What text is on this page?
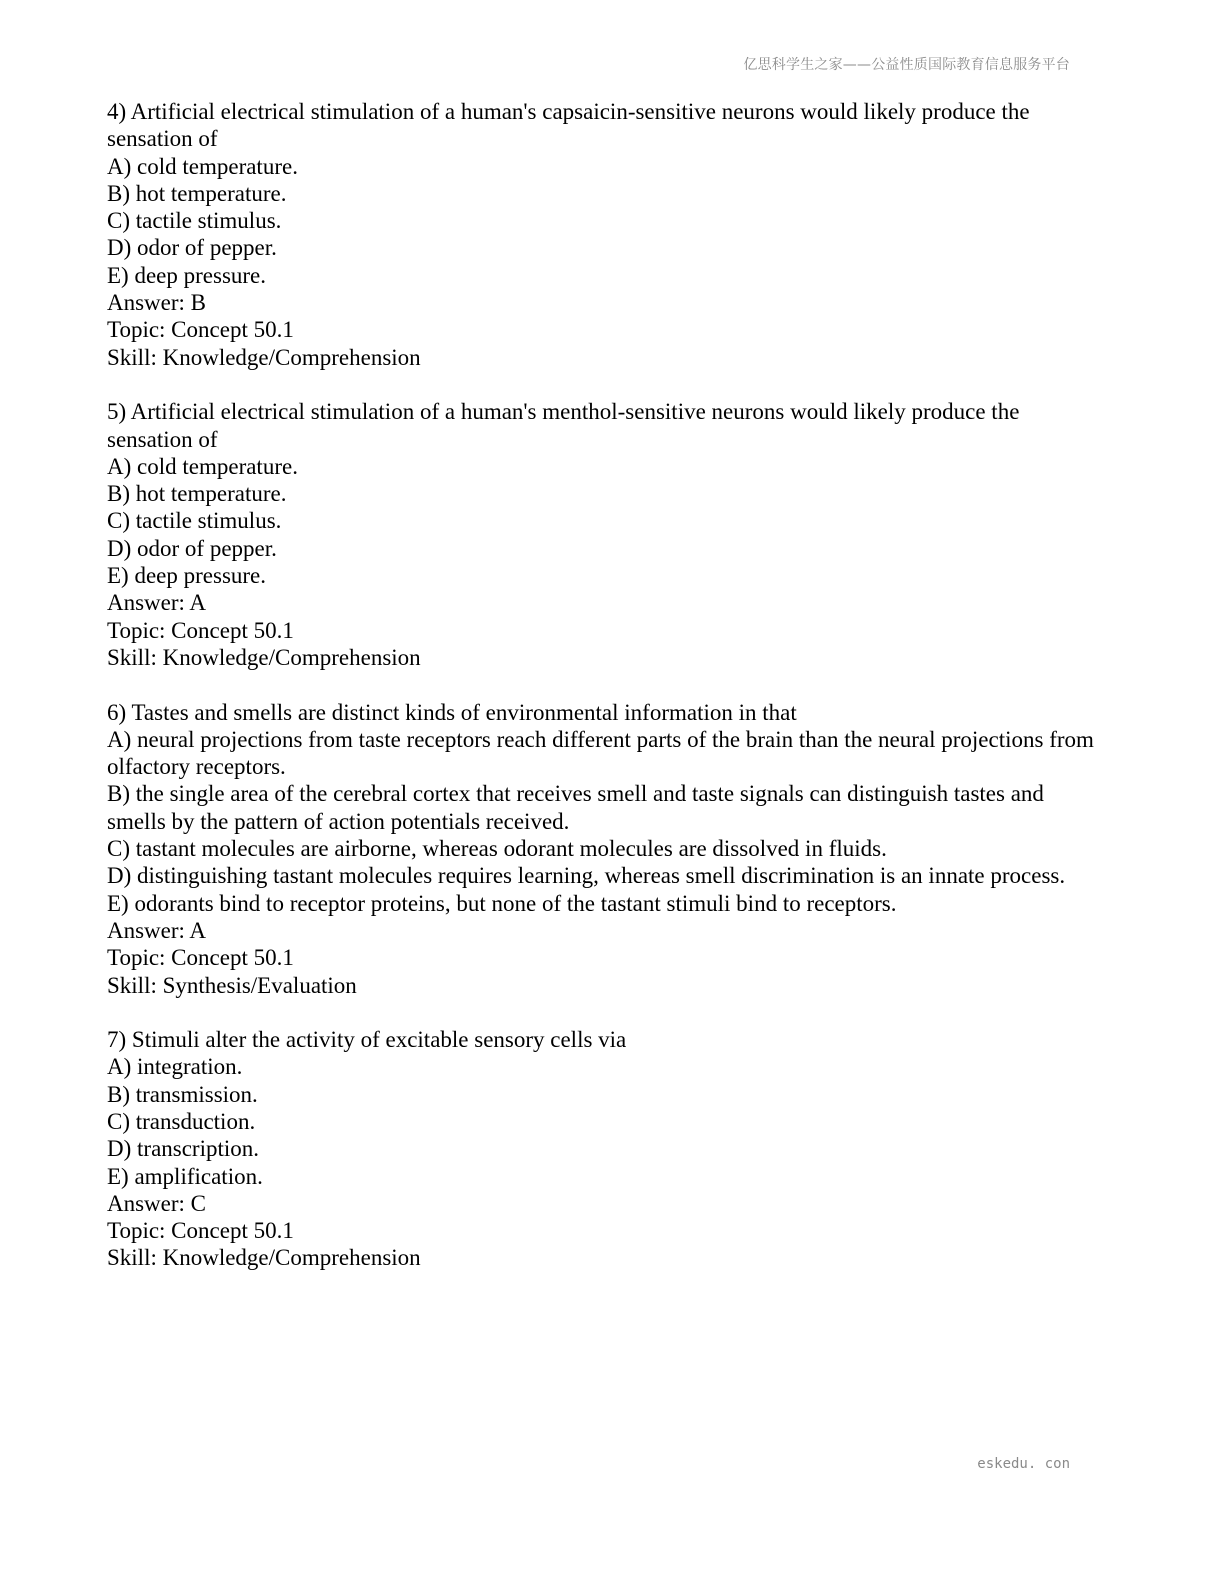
亿思科学生之家——公益性质国际教育信息服务平台
4) Artificial electrical stimulation of a human's capsaicin-sensitive neurons would likely produce the sensation of
A) cold temperature.
B) hot temperature.
C) tactile stimulus.
D) odor of pepper.
E) deep pressure.
Answer: B
Topic: Concept 50.1
Skill: Knowledge/Comprehension
5) Artificial electrical stimulation of a human's menthol-sensitive neurons would likely produce the sensation of
A) cold temperature.
B) hot temperature.
C) tactile stimulus.
D) odor of pepper.
E) deep pressure.
Answer: A
Topic: Concept 50.1
Skill: Knowledge/Comprehension
6) Tastes and smells are distinct kinds of environmental information in that
A) neural projections from taste receptors reach different parts of the brain than the neural projections from olfactory receptors.
B) the single area of the cerebral cortex that receives smell and taste signals can distinguish tastes and smells by the pattern of action potentials received.
C) tastant molecules are airborne, whereas odorant molecules are dissolved in fluids.
D) distinguishing tastant molecules requires learning, whereas smell discrimination is an innate process.
E) odorants bind to receptor proteins, but none of the tastant stimuli bind to receptors.
Answer: A
Topic: Concept 50.1
Skill: Synthesis/Evaluation
7) Stimuli alter the activity of excitable sensory cells via
A) integration.
B) transmission.
C) transduction.
D) transcription.
E) amplification.
Answer: C
Topic: Concept 50.1
Skill: Knowledge/Comprehension
eskedu. con
